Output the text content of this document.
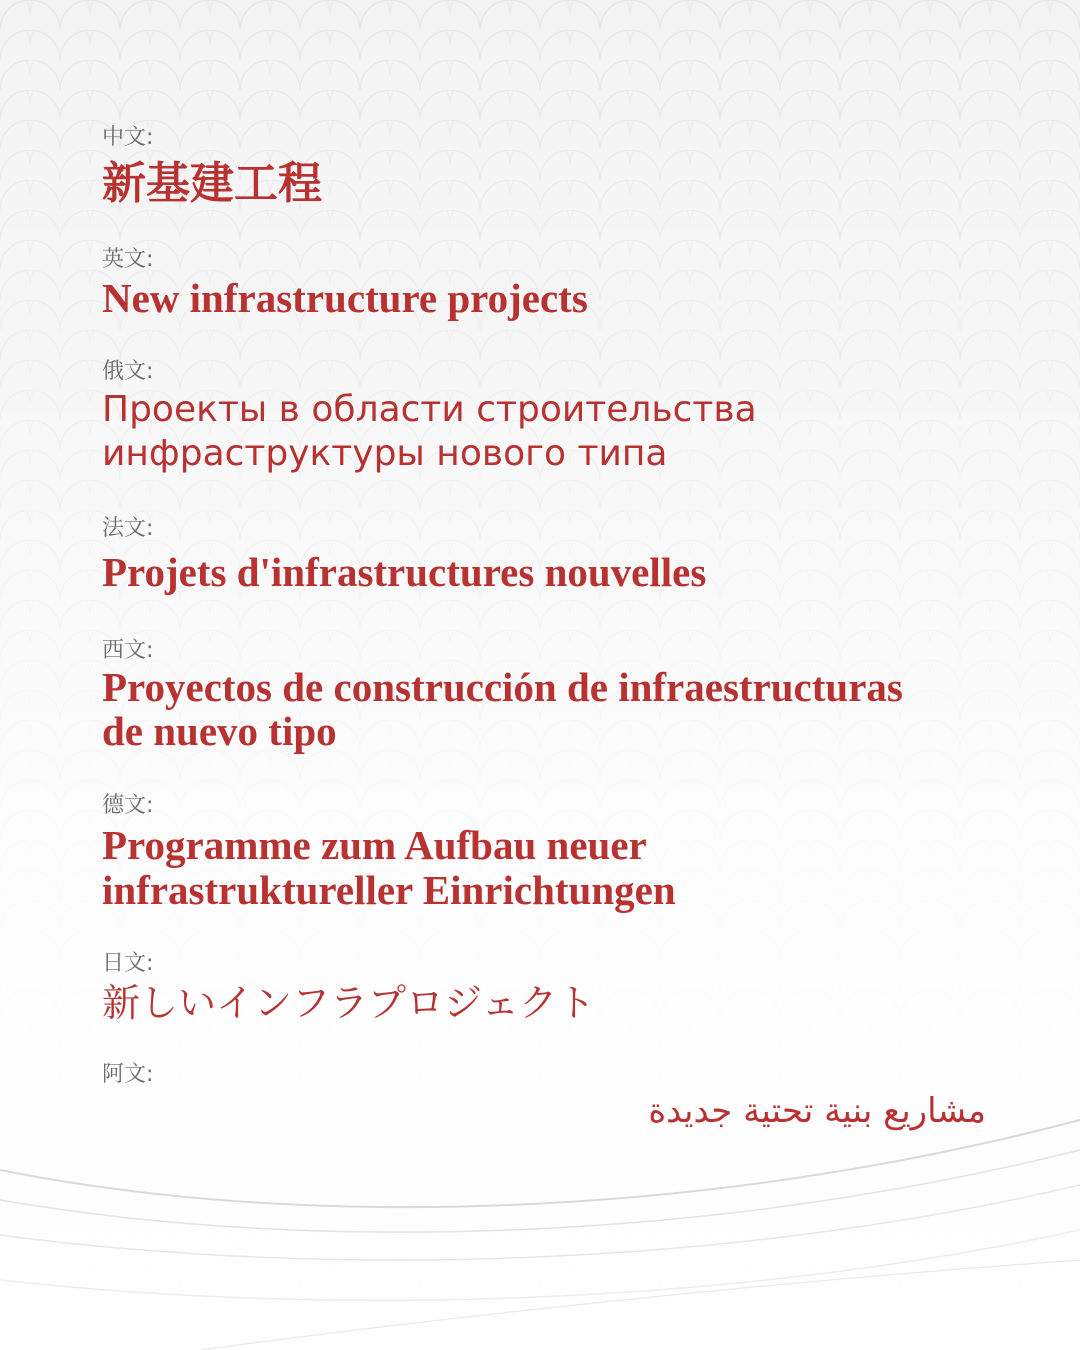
中文:
新基建工程
英文:
New infrastructure projects
俄文:
Проекты в области строительства
инфраструктуры нового типа
法文:
Projets d'infrastructures nouvelles
西文:
Proyectos de construcción de infraestructuras
de nuevo tipo
德文:
Programme zum Aufbau neuer
infrastruktureller Einrichtungen
日文:
新しいインフラプロジェクト
阿文:
مشاريع بنية تحتية جديدة
